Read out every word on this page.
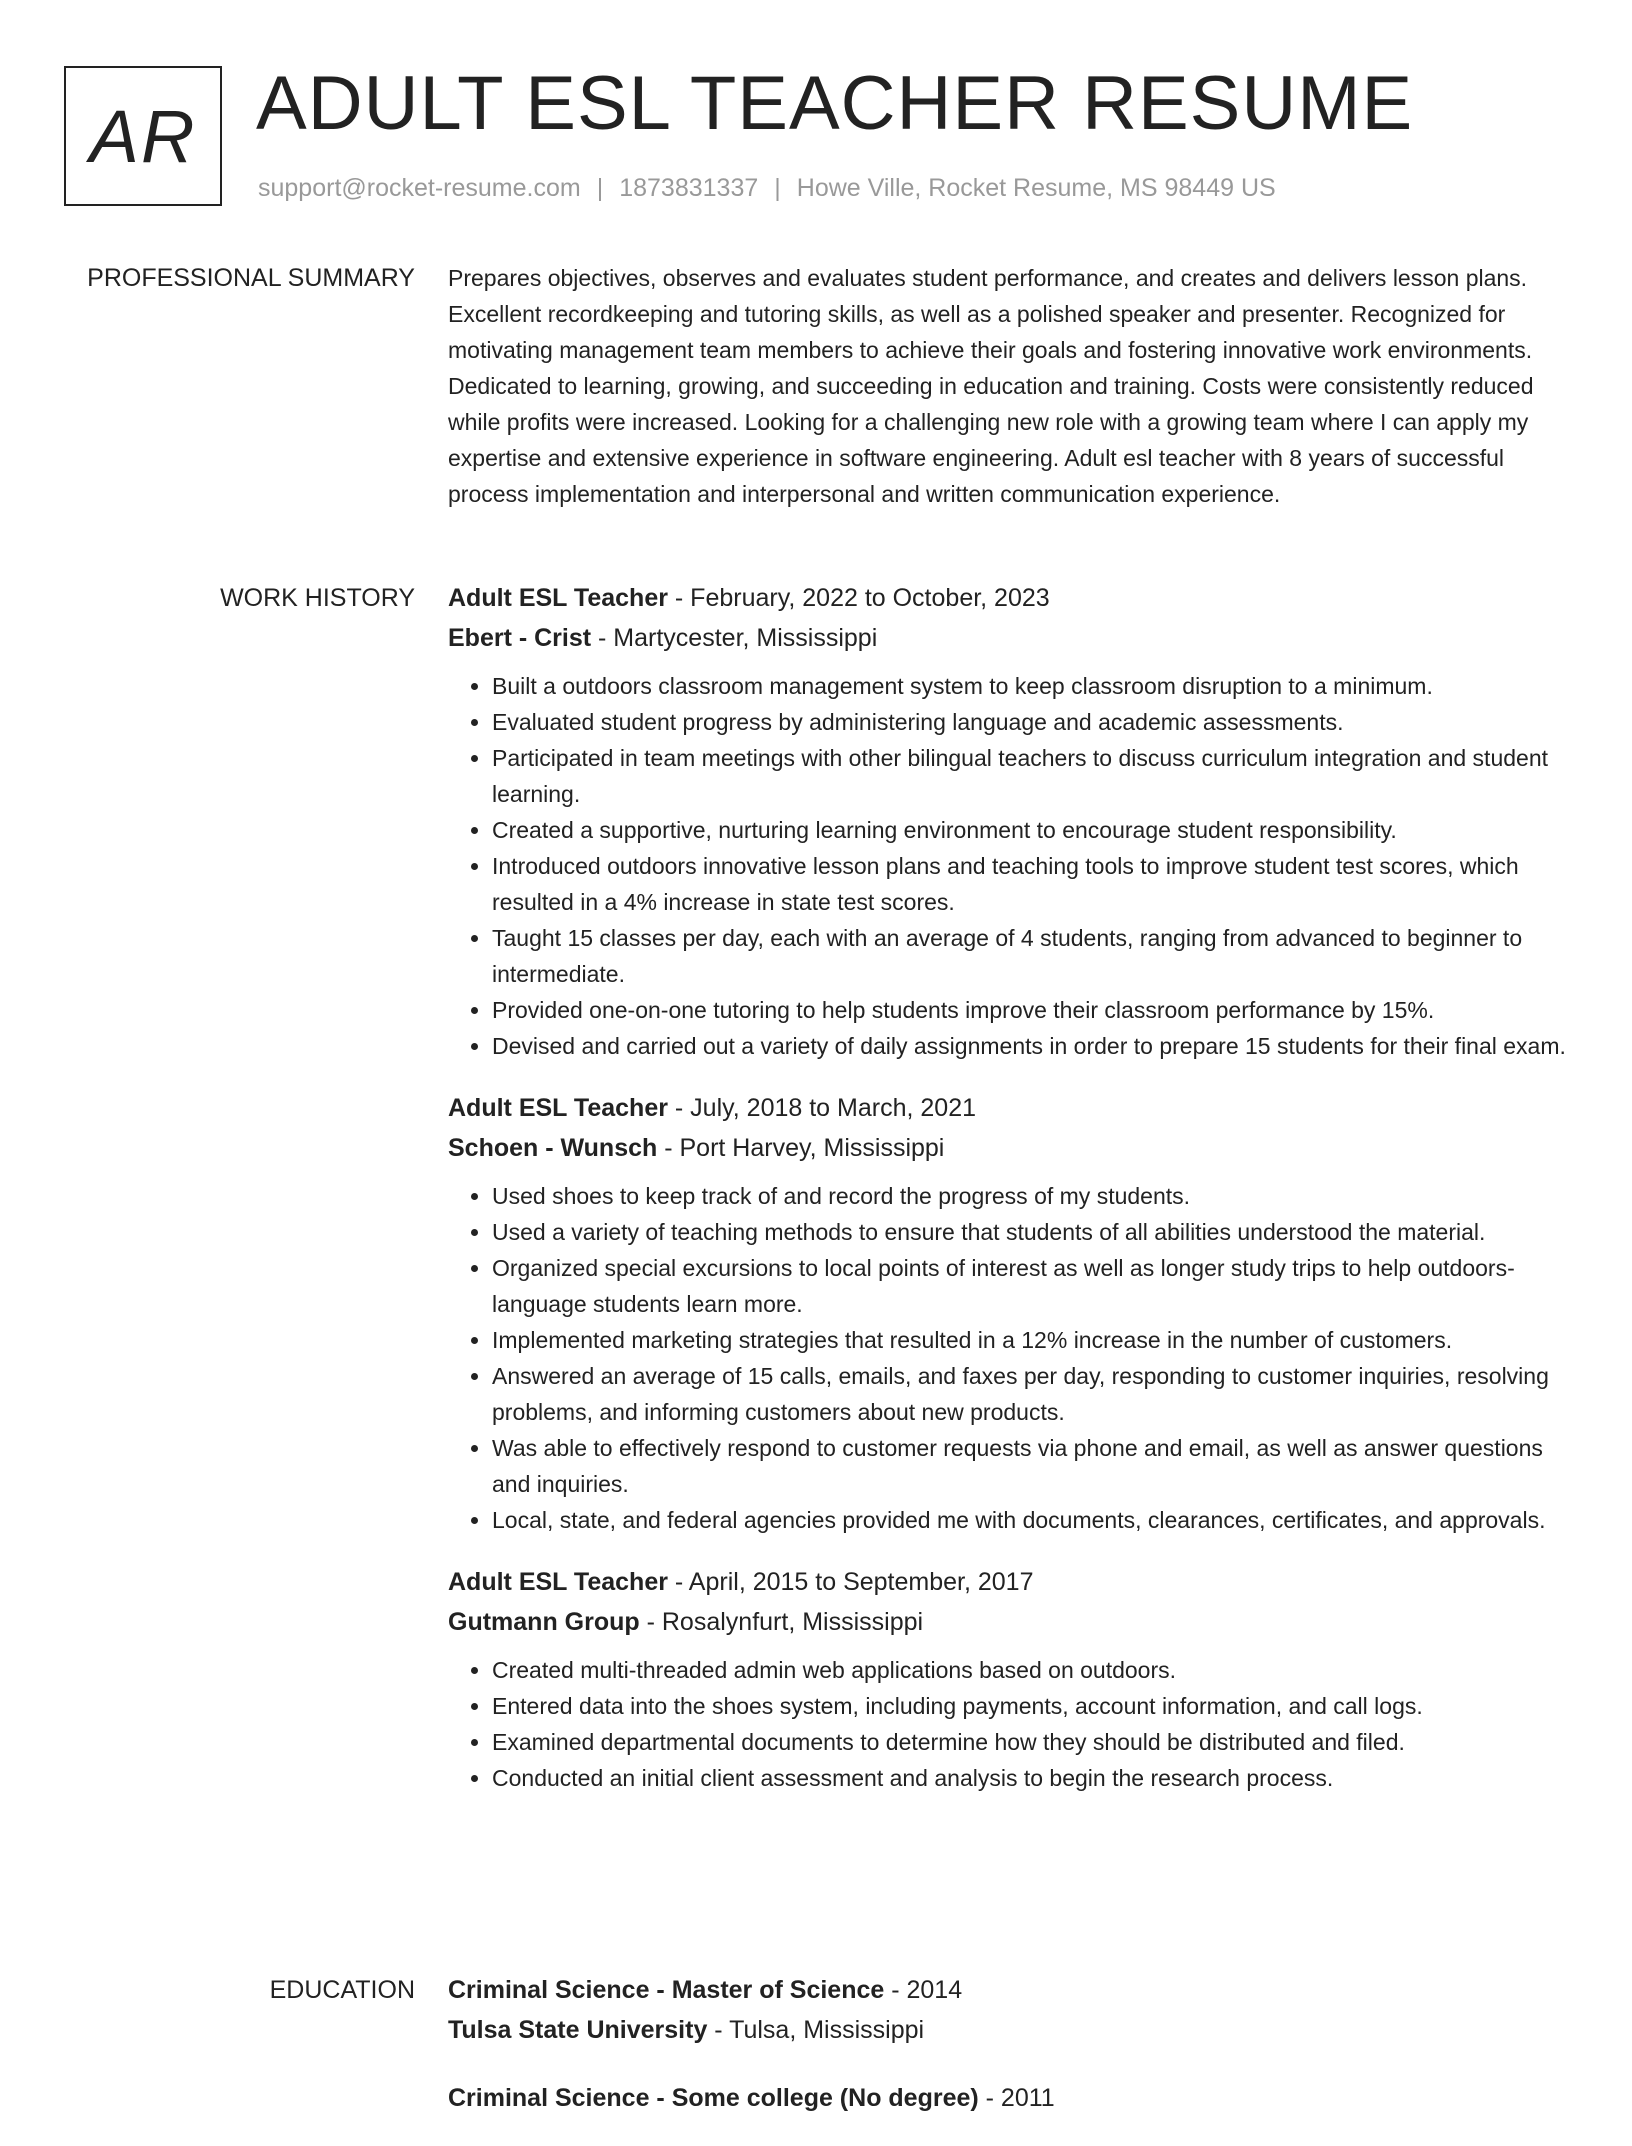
AR ADULT ESL TEACHER RESUME
support@rocket-resume.com | 1873831337 | Howe Ville, Rocket Resume, MS 98449 US
PROFESSIONAL SUMMARY Prepares objectives, observes and evaluates student performance, and creates and delivers lesson plans. Excellent recordkeeping and tutoring skills, as well as a polished speaker and presenter. Recognized for motivating management team members to achieve their goals and fostering innovative work environments. Dedicated to learning, growing, and succeeding in education and training. Costs were consistently reduced while profits were increased. Looking for a challenging new role with a growing team where I can apply my expertise and extensive experience in software engineering. Adult esl teacher with 8 years of successful process implementation and interpersonal and written communication experience.

WORK HISTORY Adult ESL Teacher - February, 2022 to October, 2023
Ebert - Crist - Martycester, Mississippi
• Built a outdoors classroom management system to keep classroom disruption to a minimum.
• Evaluated student progress by administering language and academic assessments.
• Participated in team meetings with other bilingual teachers to discuss curriculum integration and student learning.
• Created a supportive, nurturing learning environment to encourage student responsibility.
• Introduced outdoors innovative lesson plans and teaching tools to improve student test scores, which resulted in a 4% increase in state test scores.
• Taught 15 classes per day, each with an average of 4 students, ranging from advanced to beginner to intermediate.
• Provided one-on-one tutoring to help students improve their classroom performance by 15%.
• Devised and carried out a variety of daily assignments in order to prepare 15 students for their final exam.
Adult ESL Teacher - July, 2018 to March, 2021
Schoen - Wunsch - Port Harvey, Mississippi
• Used shoes to keep track of and record the progress of my students.
• Used a variety of teaching methods to ensure that students of all abilities understood the material.
• Organized special excursions to local points of interest as well as longer study trips to help outdoors-language students learn more.
• Implemented marketing strategies that resulted in a 12% increase in the number of customers.
• Answered an average of 15 calls, emails, and faxes per day, responding to customer inquiries, resolving problems, and informing customers about new products.
• Was able to effectively respond to customer requests via phone and email, as well as answer questions and inquiries.
• Local, state, and federal agencies provided me with documents, clearances, certificates, and approvals.
Adult ESL Teacher - April, 2015 to September, 2017
Gutmann Group - Rosalynfurt, Mississippi
• Created multi-threaded admin web applications based on outdoors.
• Entered data into the shoes system, including payments, account information, and call logs.
• Examined departmental documents to determine how they should be distributed and filed.
• Conducted an initial client assessment and analysis to begin the research process.
EDUCATION Criminal Science - Master of Science - 2014
Tulsa State University - Tulsa, Mississippi
Criminal Science - Some college (No degree) - 2011
